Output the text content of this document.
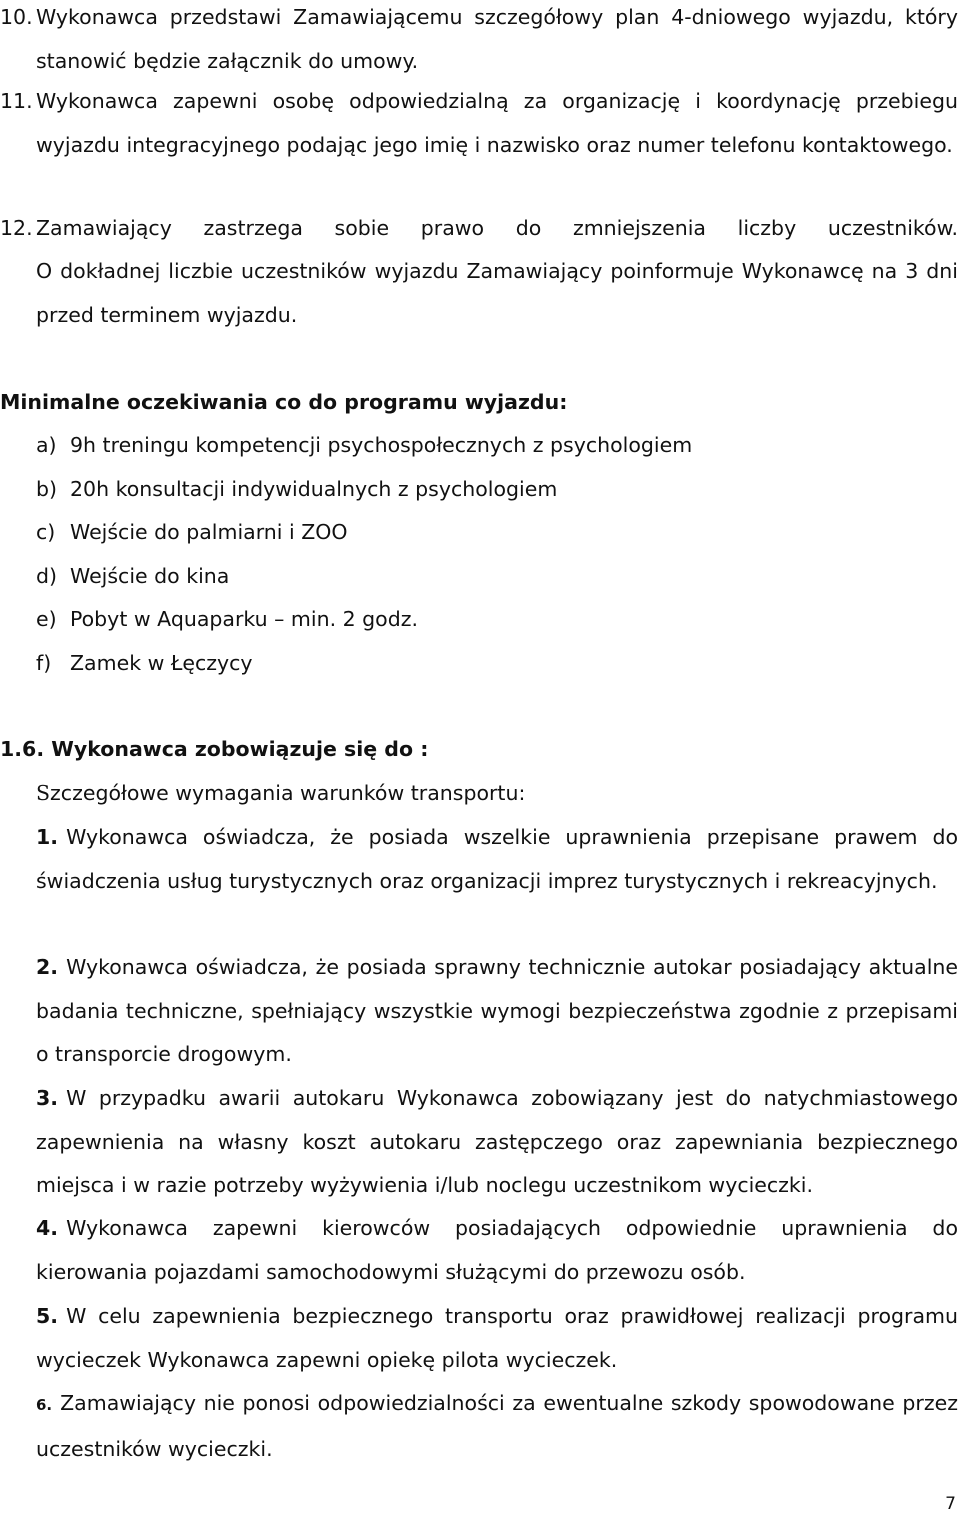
10. Wykonawca przedstawi Zamawiającemu szczegółowy plan 4-dniowego wyjazdu, który stanowić będzie załącznik do umowy.
11. Wykonawca zapewni osobę odpowiedzialną za organizację i koordynację przebiegu wyjazdu integracyjnego podając jego imię i nazwisko oraz numer telefonu kontaktowego.
12. Zamawiający zastrzega sobie prawo do zmniejszenia liczby uczestników.
O dokładnej liczbie uczestników wyjazdu Zamawiający poinformuje Wykonawcę na 3 dni przed terminem wyjazdu.
Minimalne oczekiwania co do programu wyjazdu:
a) 9h treningu kompetencji psychospołecznych z psychologiem
b) 20h konsultacji indywidualnych z psychologiem
c) Wejście do palmiarni i ZOO
d) Wejście do kina
e) Pobyt w Aquaparku – min. 2 godz.
f) Zamek w Łęczycy
1.6. Wykonawca zobowiązuje się do :
Szczegółowe wymagania warunków transportu:
1. Wykonawca oświadcza, że posiada wszelkie uprawnienia przepisane prawem do świadczenia usług turystycznych oraz organizacji imprez turystycznych i rekreacyjnych.
2. Wykonawca oświadcza, że posiada sprawny technicznie autokar posiadający aktualne badania techniczne, spełniający wszystkie wymogi bezpieczeństwa zgodnie z przepisami o transporcie drogowym.
3. W przypadku awarii autokaru Wykonawca zobowiązany jest do natychmiastowego zapewnienia na własny koszt autokaru zastępczego oraz zapewniania bezpiecznego miejsca i w razie potrzeby wyżywienia i/lub noclegu uczestnikom wycieczki.
4. Wykonawca zapewni kierowców posiadających odpowiednie uprawnienia do kierowania pojazdami samochodowymi służącymi do przewozu osób.
5. W celu zapewnienia bezpiecznego transportu oraz prawidłowej realizacji programu wycieczek Wykonawca zapewni opiekę pilota wycieczek.
6. Zamawiający nie ponosi odpowiedzialności za ewentualne szkody spowodowane przez uczestników wycieczki.
7
